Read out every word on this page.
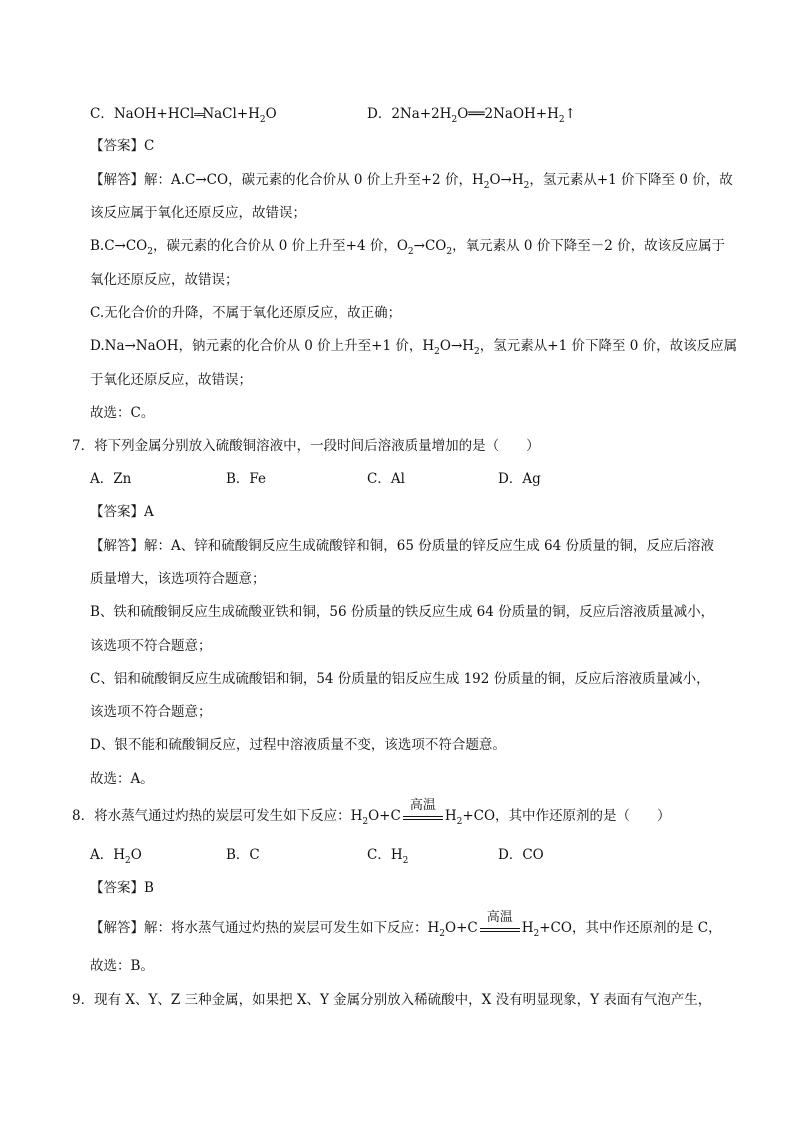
C．$NaOH+HCl══NaCl+H_2O$	D．$2Na+2H_2O══2NaOH+H_2↑$
【答案】C
【解答】解：A.C→CO，碳元素的化合价从 0 价上升至+2 价，$H_2O\to H_2$，氢元素从+1 价下降至 0 价，故
该反应属于氧化还原反应，故错误；
$B.C\to CO_2$，碳元素的化合价从 0 价上升至+4 价，$O_2\to CO_2$，氧元素从 0 价下降至－2 价，故该反应属于
氧化还原反应，故错误；
C.无化合价的升降，不属于氧化还原反应，故正确；
D.Na→NaOH，钠元素的化合价从 0 价上升至+1 价，$H_2O\to H_2$，氢元素从+1 价下降至 0 价，故该反应属
于氧化还原反应，故错误；
故选：C。
7．将下列金属分别放入硫酸铜溶液中，一段时间后溶液质量增加的是（　　）
A．Zn	B．Fe	C．Al	D．Ag
【答案】A
【解答】解：A、锌和硫酸铜反应生成硫酸锌和铜，65 份质量的锌反应生成 64 份质量的铜，反应后溶液
质量增大，该选项符合题意；
B、铁和硫酸铜反应生成硫酸亚铁和铜，56 份质量的铁反应生成 64 份质量的铜，反应后溶液质量减小，
该选项不符合题意；
C、铝和硫酸铜反应生成硫酸铝和铜，54 份质量的铝反应生成 192 份质量的铜，反应后溶液质量减小，
该选项不符合题意；
D、银不能和硫酸铜反应，过程中溶液质量不变，该选项不符合题意。
故选：A。
8．将水蒸气通过灼热的炭层可发生如下反应：$H_2O+C$
高温
$H_2+CO$，其中作还原剂的是（　　）
A．$H_2O$	B．C	C．$H_2$	D．CO
【答案】B
【解答】解：将水蒸气通过灼热的炭层可发生如下反应：$H_2O+C$
高温
$H_2+CO$，其中作还原剂的是 C，
故选：B。
9．现有 X、Y、Z 三种金属，如果把 X、Y 金属分别放入稀硫酸中，X 没有明显现象，Y 表面有气泡产生，
